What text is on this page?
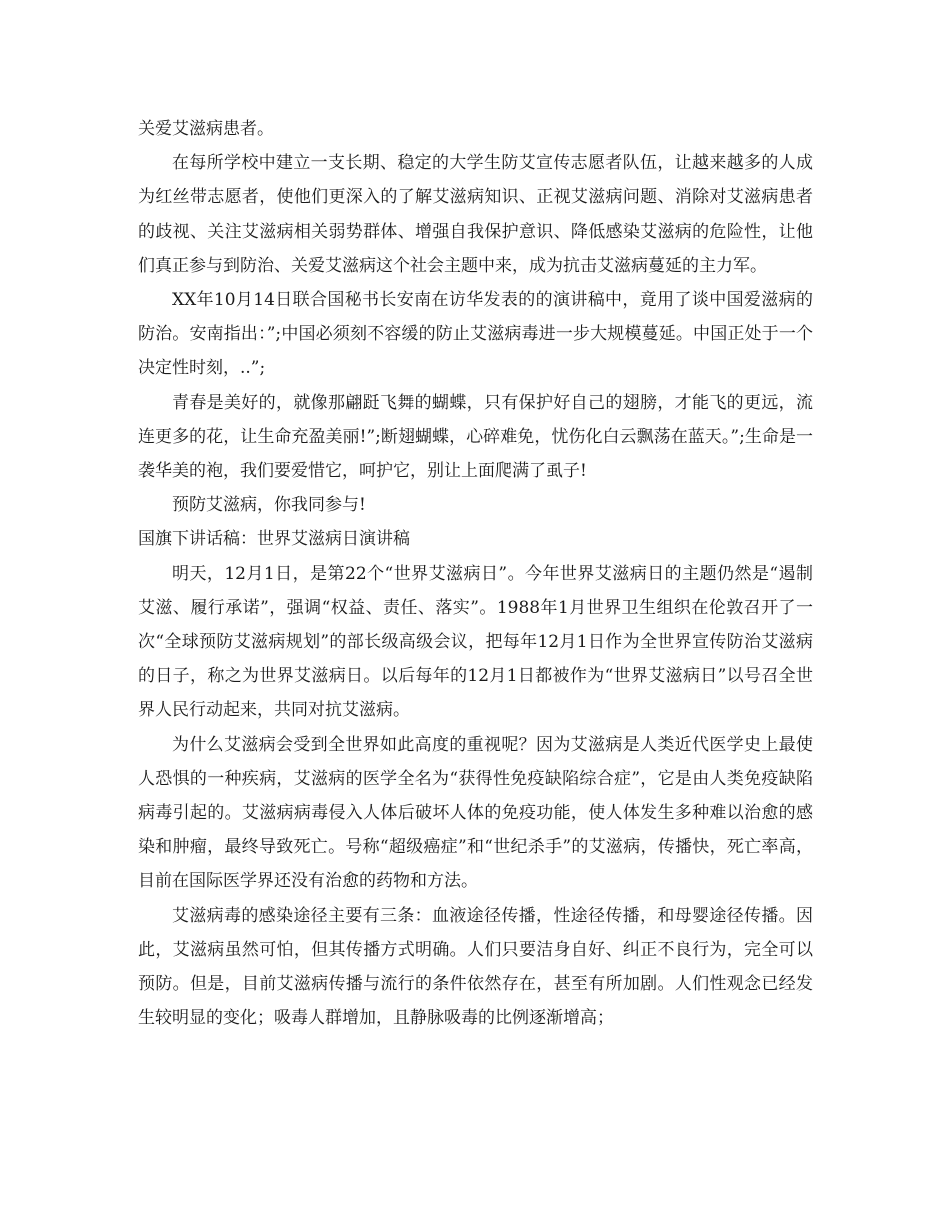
关爱艾滋病患者。

在每所学校中建立一支长期、稳定的大学生防艾宣传志愿者队伍，让越来越多的人成为红丝带志愿者，使他们更深入的了解艾滋病知识、正视艾滋病问题、消除对艾滋病患者的歧视、关注艾滋病相关弱势群体、增强自我保护意识、降低感染艾滋病的危险性，让他们真正参与到防治、关爱艾滋病这个社会主题中来，成为抗击艾滋病蔓延的主力军。

XX年10月14日联合国秘书长安南在访华发表的的演讲稿中，竟用了谈中国爱滋病的防治。安南指出：”;中国必须刻不容缓的防止艾滋病毒进一步大规模蔓延。中国正处于一个决定性时刻，..”;

青春是美好的，就像那翩跹飞舞的蝴蝶，只有保护好自己的翅膀，才能飞的更远，流连更多的花，让生命充盈美丽!”;断翅蝴蝶，心碎难免，忧伤化白云飘荡在蓝天。”;生命是一袭华美的袍，我们要爱惜它，呵护它，别让上面爬满了虱子!

预防艾滋病，你我同参与!

国旗下讲话稿：世界艾滋病日演讲稿

明天，12月1日，是第22个“世界艾滋病日”。今年世界艾滋病日的主题仍然是“遏制艾滋、履行承诺”，强调“权益、责任、落实”。1988年1月世界卫生组织在伦敦召开了一次“全球预防艾滋病规划”的部长级高级会议，把每年12月1日作为全世界宣传防治艾滋病的日子，称之为世界艾滋病日。以后每年的12月1日都被作为“世界艾滋病日”以号召全世界人民行动起来，共同对抗艾滋病。

为什么艾滋病会受到全世界如此高度的重视呢？因为艾滋病是人类近代医学史上最使人恐惧的一种疾病，艾滋病的医学全名为“获得性免疫缺陷综合症”，它是由人类免疫缺陷病毒引起的。艾滋病病毒侵入人体后破坏人体的免疫功能，使人体发生多种难以治愈的感染和肿瘤，最终导致死亡。号称“超级癌症”和“世纪杀手”的艾滋病，传播快，死亡率高，目前在国际医学界还没有治愈的药物和方法。

艾滋病毒的感染途径主要有三条：血液途径传播，性途径传播，和母婴途径传播。因此，艾滋病虽然可怕，但其传播方式明确。人们只要洁身自好、纠正不良行为，完全可以预防。但是，目前艾滋病传播与流行的条件依然存在，甚至有所加剧。人们性观念已经发生较明显的变化；吸毒人群增加，且静脉吸毒的比例逐渐增高；
